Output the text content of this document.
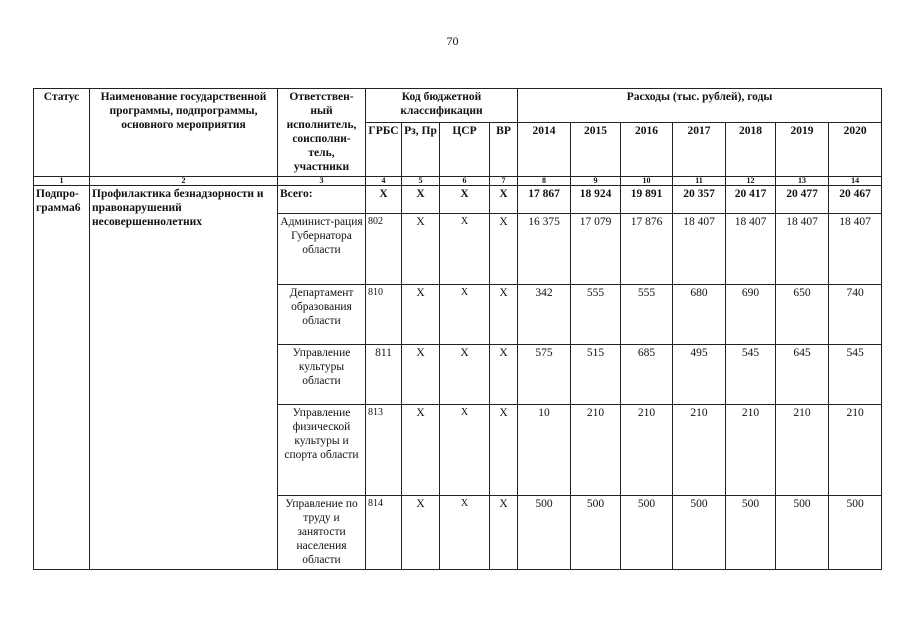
70
Статус	Наименование государственной программы, подпрограммы, основного мероприятия	Ответствен-ный исполнитель, соисполни-тель, участники	Код бюджетной классификации				Расходы (тыс. рублей), годы						
			ГРБС	Рз, Пр	ЦСР	ВР	2014	2015	2016	2017	2018	2019	2020
1	2	3	4	5	6	7	8	9	10	11	12	13	14
Подпро-грамма6	Профилактика безнадзорности и правонарушений несовершеннолетних	Всего:	Х	Х	Х	Х	17 867	18 924	19 891	20 357	20 417	20 477	20 467
		Админист-рация Губернатора области	802	Х	Х	Х	16 375	17 079	17 876	18 407	18 407	18 407	18 407
		Департамент образования области	810	Х	Х	Х	342	555	555	680	690	650	740
		Управление культуры области	811	Х	Х	Х	575	515	685	495	545	645	545
		Управление физической культуры и спорта области	813	Х	Х	Х	10	210	210	210	210	210	210
		Управление по труду и занятости населения области	814	Х	Х	Х	500	500	500	500	500	500	500
